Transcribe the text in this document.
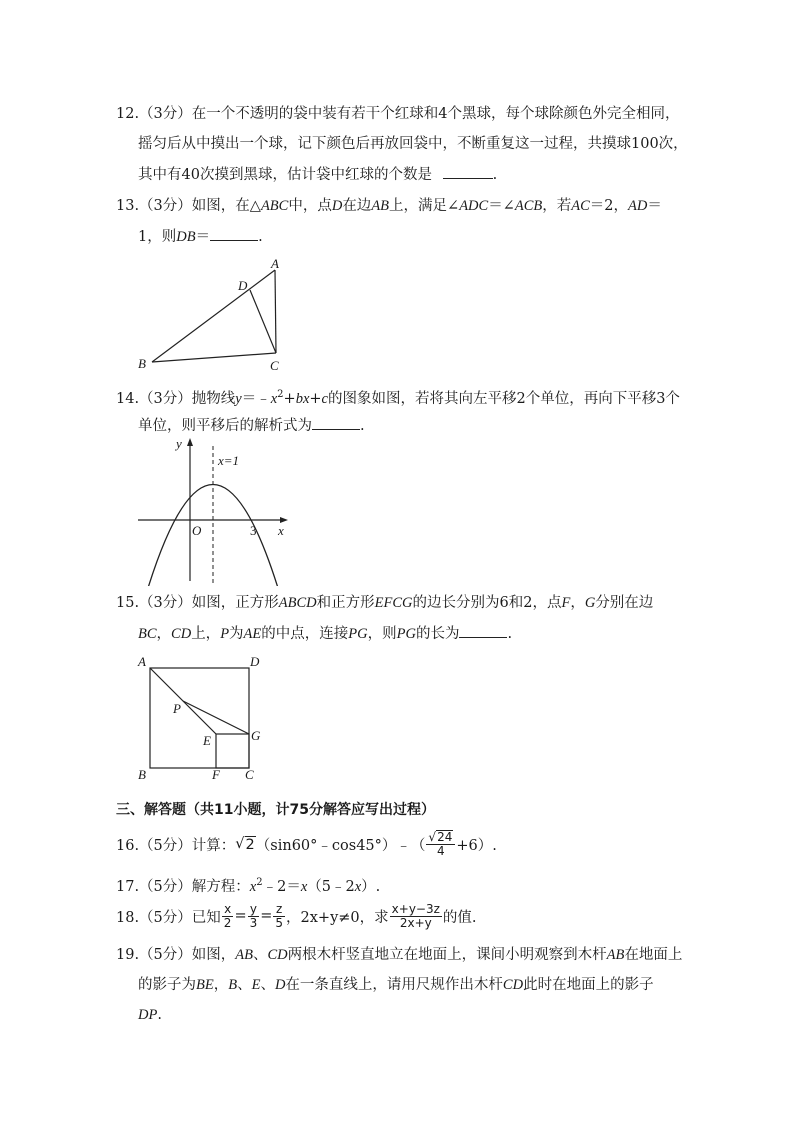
12.（3分）在一个不透明的袋中装有若干个红球和4个黑球，每个球除颜色外完全相同，
摇匀后从中摸出一个球，记下颜色后再放回袋中，不断重复这一过程，共摸球100次，
其中有40次摸到黑球，估计袋中红球的个数是	.
13.（3分）如图，在△ABC中，点D在边AB上，满足∠ADC＝∠ACB，若AC＝2，AD＝
1，则DB＝	.
A
D
B	C
14.（3分）抛物线$y=﹣x^2+bx+c$的图象如图，若将其向左平移2个单位，再向下平移3个
单位，则平移后的解析式为	.
y
x=1
O	3 x
15.（3分）如图，正方形ABCD和正方形EFCG的边长分别为6和2，点F，G分别在边
BC，CD上，P为AE的中点，连接PG，则PG的长为	.
A	D
B	C
F
G
E
P
三、解答题（共11小题，计75分解答应写出过程）
16.（5分）计算： √ 2 （sin60°﹣cos45°）﹣（ $\frac{√24}{4} +6$）.
17.（5分）解方程：$x^2﹣2=x(5﹣2x)$.
18.（5分）已知 $\frac{x}{2} = \frac{y}{3} = \frac{z}{5}$ ，2x+y≠0，求 $\frac{x+y-3z}{2x+y}$ 的值.
19.（5分）如图，AB、CD两根木杆竖直地立在地面上，课间小明观察到木杆AB在地面上
的影子为BE，B、E、D在一条直线上，请用尺规作出木杆CD此时在地面上的影子
DP.
